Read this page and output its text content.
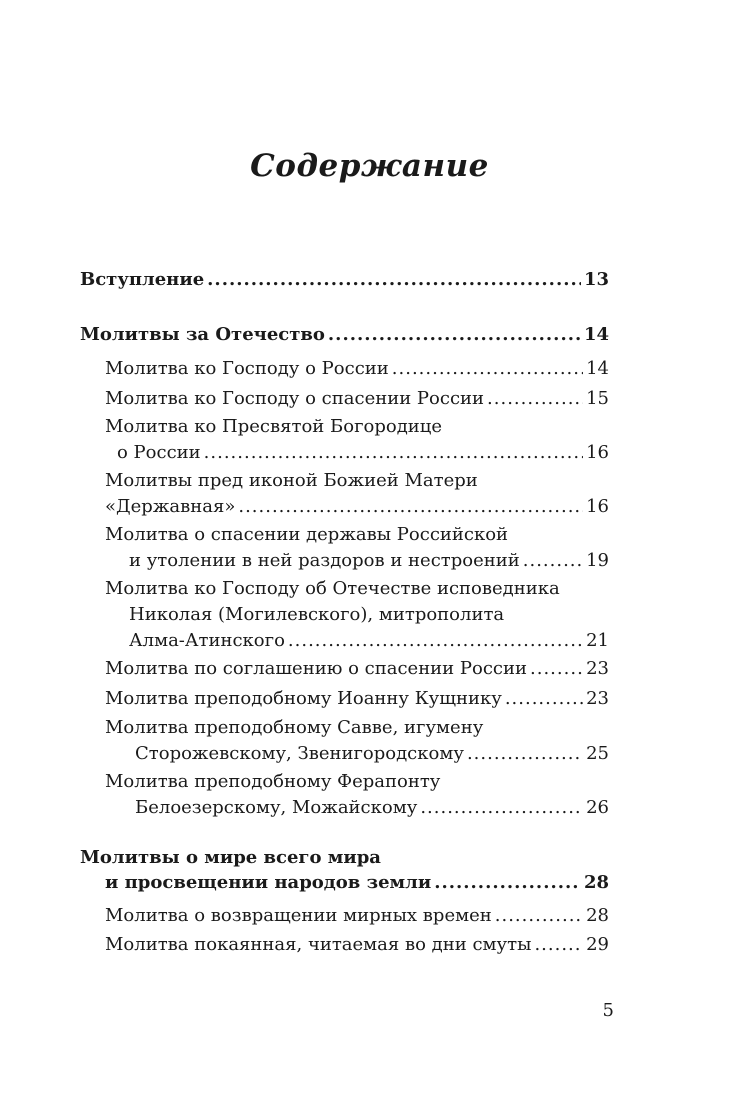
Содержание
Вступление .....	13
Молитвы за Отечество .....	14
Молитва ко Господу о России .....	14
Молитва ко Господу о спасении России .....	15
Молитва ко Пресвятой Богородице
о России .....	16
Молитвы пред иконой Божией Матери
«Державная» .....	16
Молитва о спасении державы Российской
и утолении в ней раздоров и нестроений .....	19
Молитва ко Господу об Отечестве исповедника
Николая (Могилевского), митрополита
Алма-Атинского .....	21
Молитва по соглашению о спасении России .....	23
Молитва преподобному Иоанну Кущнику .....	23
Молитва преподобному Савве, игумену
Сторожевскому, Звенигородскому .....	25
Молитва преподобному Ферапонту
Белоезерскому, Можайскому .....	26
Молитвы о мире всего мира
и просвещении народов земли .....	28
Молитва о возвращении мирных времен .....	28
Молитва покаянная, читаемая во дни смуты .....	29
5
